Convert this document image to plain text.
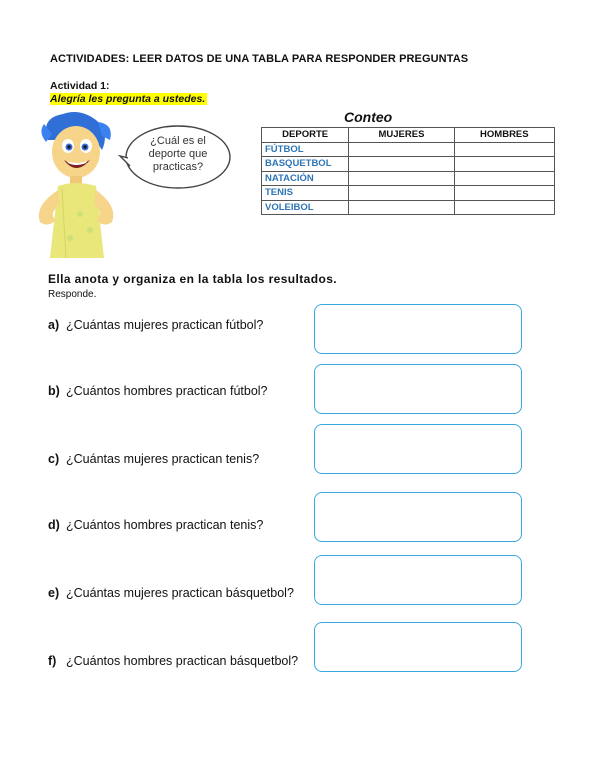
ACTIVIDADES: LEER DATOS DE UNA TABLA PARA RESPONDER PREGUNTAS
Actividad 1:
Alegría les pregunta a ustedes.
¿Cuál es el deporte que practicas?
Conteo
DEPORTE	MUJERES	HOMBRES
FÚTBOL		
BASQUETBOL		
NATACIÓN		
TENIS		
VOLEIBOL		
Ella anota y organiza en la tabla los resultados.
Responde.
a) ¿Cuántas mujeres practican fútbol?
b) ¿Cuántos hombres practican fútbol?
c) ¿Cuántas mujeres practican tenis?
d) ¿Cuántos hombres practican tenis?
e) ¿Cuántas mujeres practican básquetbol?
f) ¿Cuántos hombres practican básquetbol?
